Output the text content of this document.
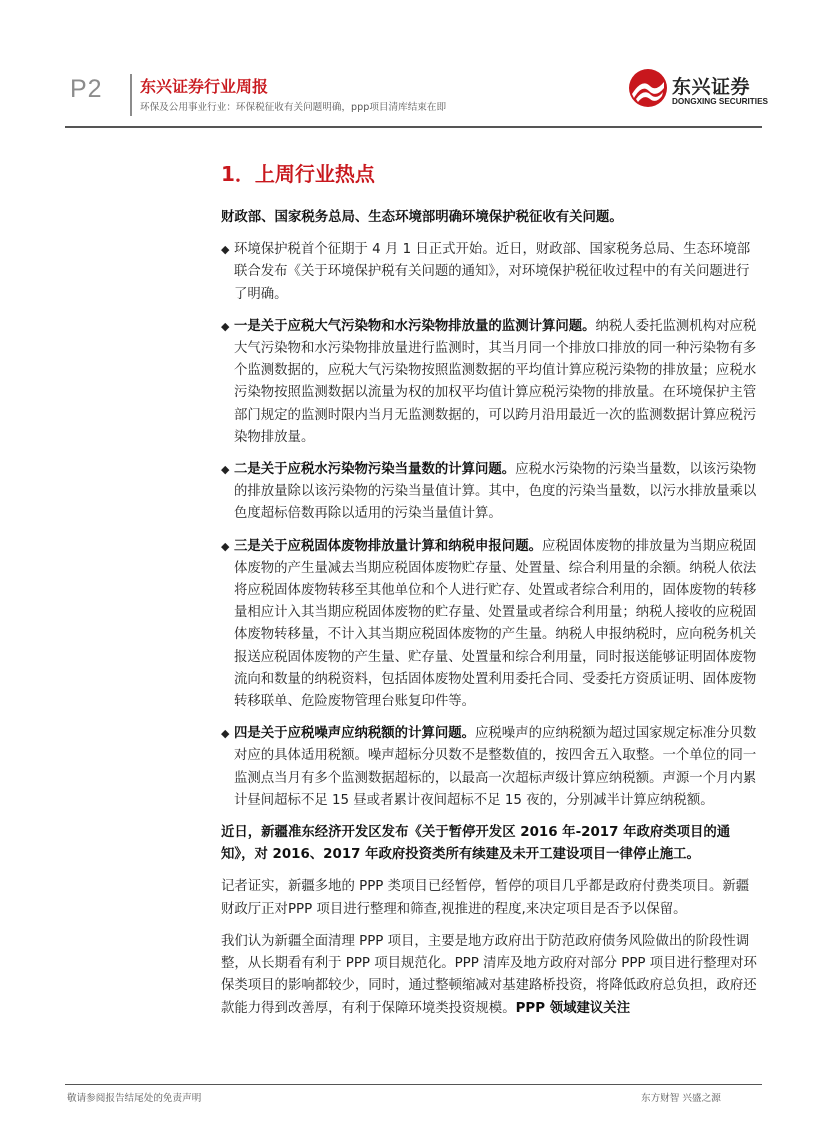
P2 东兴证券行业周报
环保及公用事业行业：环保税征收有关问题明确，ppp项目清库结束在即
东兴证券
DONGXING SECURITIES
1．上周行业热点

财政部、国家税务总局、生态环境部明确环境保护税征收有关问题。

◆ 环境保护税首个征期于 4 月 1 日正式开始。近日，财政部、国家税务总局、生态环境部联合发布《关于环境保护税有关问题的通知》，对环境保护税征收过程中的有关问题进行了明确。

◆ 一是关于应税大气污染物和水污染物排放量的监测计算问题。纳税人委托监测机构对应税大气污染物和水污染物排放量进行监测时，其当月同一个排放口排放的同一种污染物有多个监测数据的，应税大气污染物按照监测数据的平均值计算应税污染物的排放量；应税水污染物按照监测数据以流量为权的加权平均值计算应税污染物的排放量。在环境保护主管部门规定的监测时限内当月无监测数据的，可以跨月沿用最近一次的监测数据计算应税污染物排放量。

◆ 二是关于应税水污染物污染当量数的计算问题。应税水污染物的污染当量数，以该污染物的排放量除以该污染物的污染当量值计算。其中，色度的污染当量数，以污水排放量乘以色度超标倍数再除以适用的污染当量值计算。

◆ 三是关于应税固体废物排放量计算和纳税申报问题。应税固体废物的排放量为当期应税固体废物的产生量减去当期应税固体废物贮存量、处置量、综合利用量的余额。纳税人依法将应税固体废物转移至其他单位和个人进行贮存、处置或者综合利用的，固体废物的转移量相应计入其当期应税固体废物的贮存量、处置量或者综合利用量；纳税人接收的应税固体废物转移量，不计入其当期应税固体废物的产生量。纳税人申报纳税时，应向税务机关报送应税固体废物的产生量、贮存量、处置量和综合利用量，同时报送能够证明固体废物流向和数量的纳税资料，包括固体废物处置利用委托合同、受委托方资质证明、固体废物转移联单、危险废物管理台账复印件等。

◆ 四是关于应税噪声应纳税额的计算问题。应税噪声的应纳税额为超过国家规定标准分贝数对应的具体适用税额。噪声超标分贝数不是整数值的，按四舍五入取整。一个单位的同一监测点当月有多个监测数据超标的，以最高一次超标声级计算应纳税额。声源一个月内累计昼间超标不足 15 昼或者累计夜间超标不足 15 夜的，分别减半计算应纳税额。

近日，新疆准东经济开发区发布《关于暂停开发区 2016 年-2017 年政府类项目的通知》，对 2016、2017 年政府投资类所有续建及未开工建设项目一律停止施工。

记者证实，新疆多地的 PPP 类项目已经暂停，暂停的项目几乎都是政府付费类项目。新疆财政厅正对PPP 项目进行整理和筛查,视推进的程度,来决定项目是否予以保留。

我们认为新疆全面清理 PPP 项目，主要是地方政府出于防范政府债务风险做出的阶段性调整，从长期看有利于 PPP 项目规范化。PPP 清库及地方政府对部分 PPP 项目进行整理对环保类项目的影响都较少，同时，通过整顿缩减对基建路桥投资，将降低政府总负担，政府还款能力得到改善厚，有利于保障环境类投资规模。PPP 领域建议关注

敬请参阅报告结尾处的免责声明	东方财智 兴盛之源
